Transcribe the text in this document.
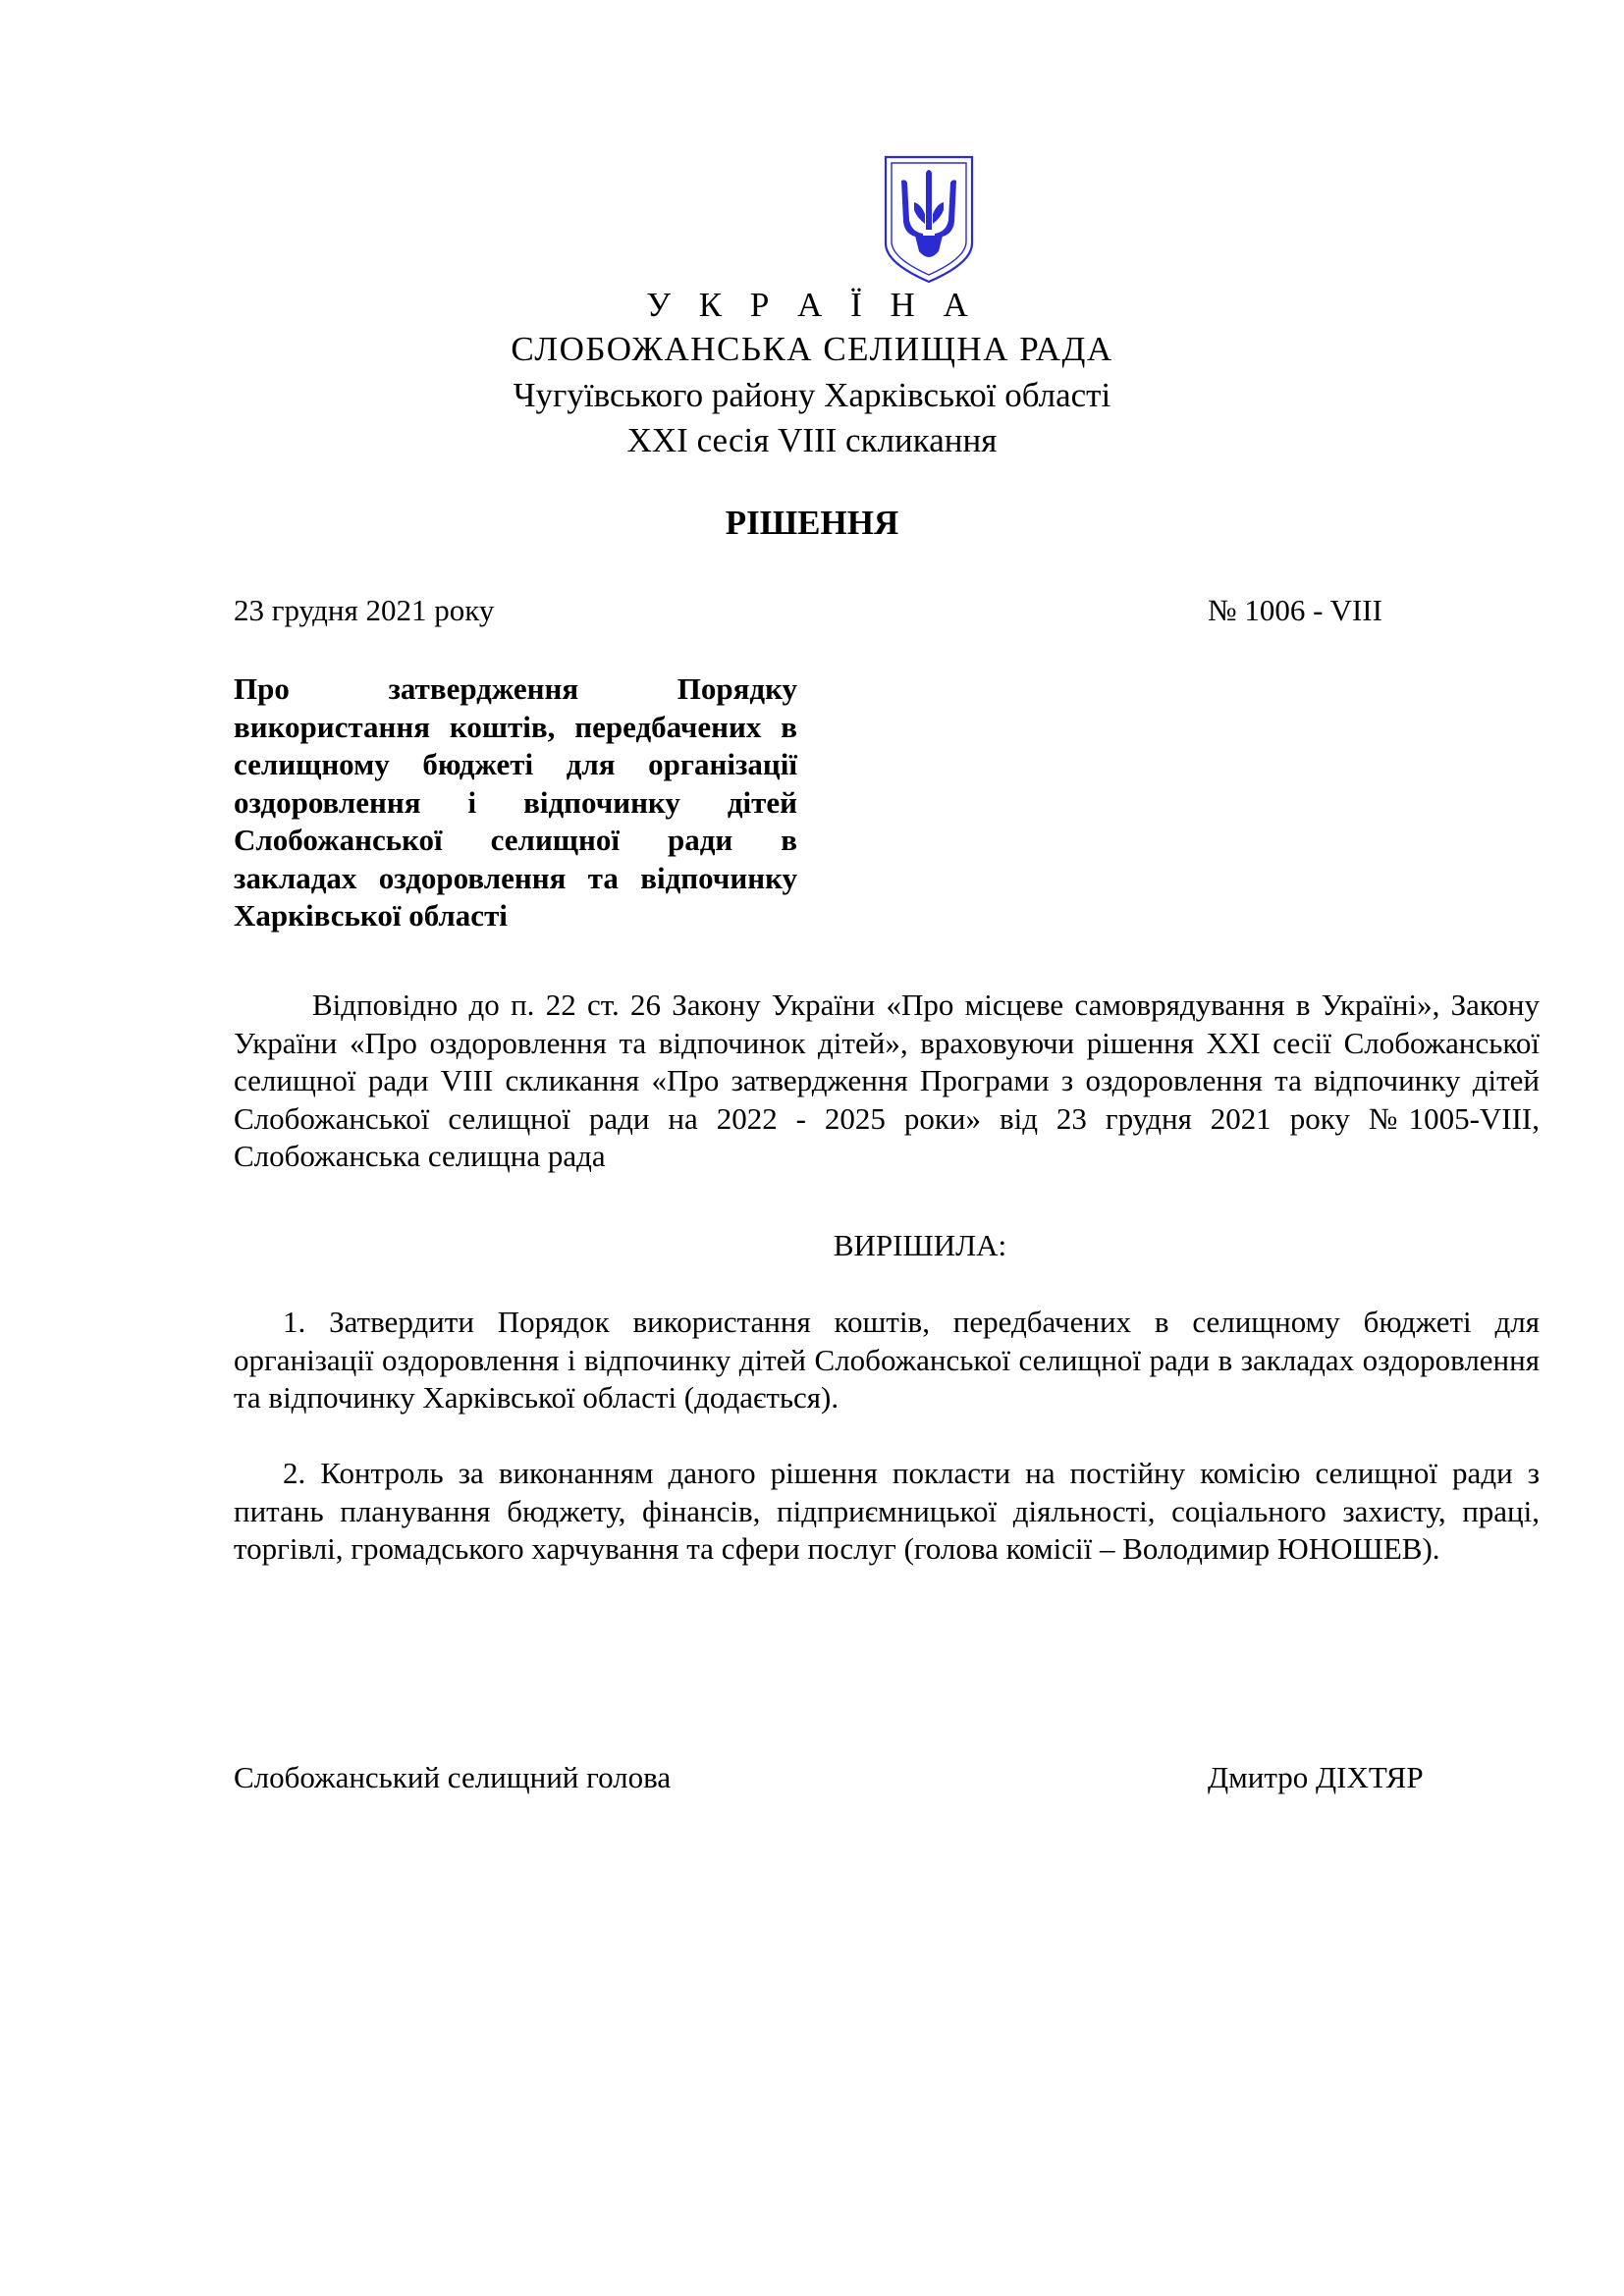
У К Р А Ї Н А
СЛОБОЖАНСЬКА СЕЛИЩНА РАДА
Чугуївського району Харківської області
XXI сесія VIII скликання
РІШЕННЯ
23 грудня 2021 року	№ 1006 - VIII
Про затвердження Порядку використання коштів, передбачених в селищному бюджеті для організації оздоровлення і відпочинку дітей Слобожанської селищної ради в закладах оздоровлення та відпочинку Харківської області
Відповідно до п. 22 ст. 26 Закону України «Про місцеве самоврядування в Україні», Закону України «Про оздоровлення та відпочинок дітей», враховуючи рішення XXI сесії Слобожанської селищної ради VIII скликання «Про затвердження Програми з оздоровлення та відпочинку дітей Слобожанської селищної ради на 2022 - 2025 роки» від 23 грудня 2021 року №1005-VIII, Слобожанська селищна рада
ВИРІШИЛА:
1. Затвердити Порядок використання коштів, передбачених в селищному бюджеті для організації оздоровлення і відпочинку дітей Слобожанської селищної ради в закладах оздоровлення та відпочинку Харківської області (додається).
2. Контроль за виконанням даного рішення покласти на постійну комісію селищної ради з питань планування бюджету, фінансів, підприємницької діяльності, соціального захисту, праці, торгівлі, громадського харчування та сфери послуг (голова комісії – Володимир ЮНОШЕВ).
Слобожанський селищний голова	Дмитро ДІХТЯР
